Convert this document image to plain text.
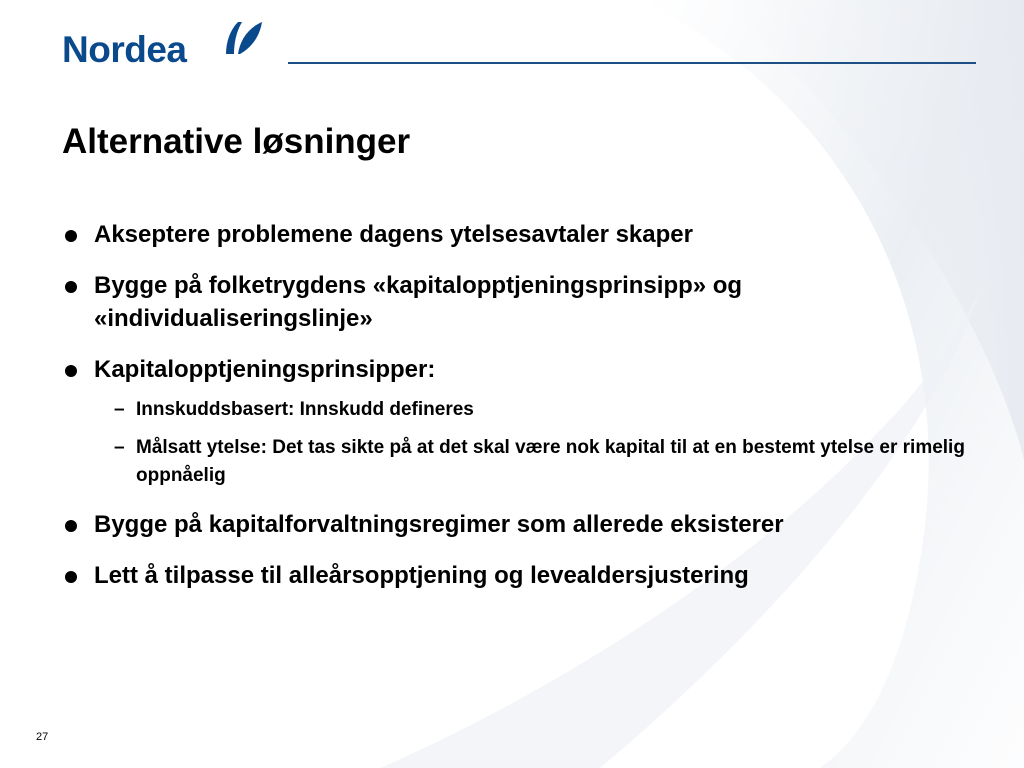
Nordea
Alternative løsninger
Akseptere problemene dagens ytelsesavtaler skaper
Bygge på folketrygdens «kapitalopptjeningsprinsipp» og «individualiseringslinje»
Kapitalopptjeningsprinsipper:
– Innskuddsbasert: Innskudd defineres
– Målsatt ytelse: Det tas sikte på at det skal være nok kapital til at en bestemt ytelse er rimelig oppnåelig
Bygge på kapitalforvaltningsregimer som allerede eksisterer
Lett å tilpasse til alleårsopptjening og levealdersjustering
27
